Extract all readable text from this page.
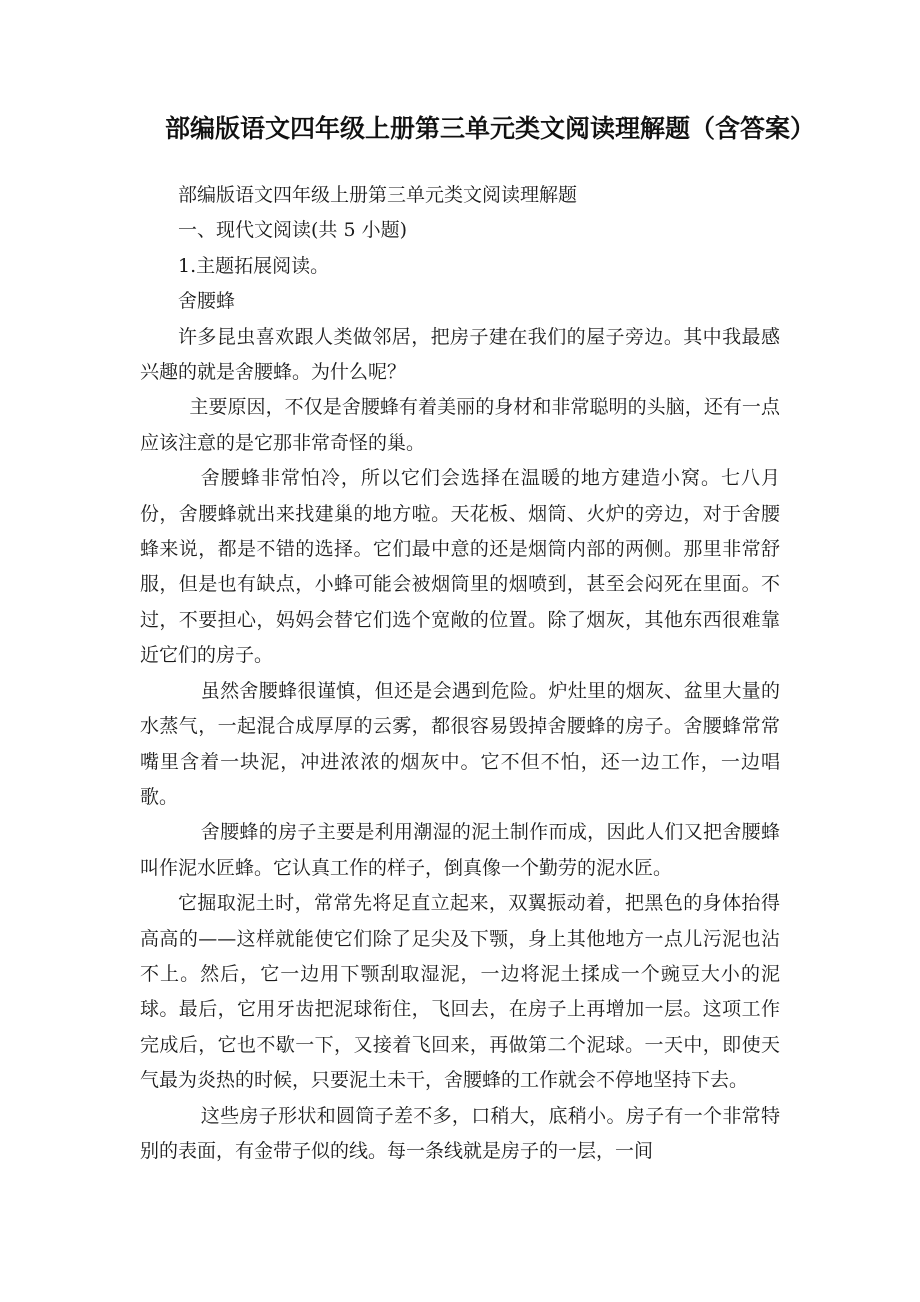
部编版语文四年级上册第三单元类文阅读理解题（含答案）

部编版语文四年级上册第三单元类文阅读理解题

一、现代文阅读(共 5 小题)

1.主题拓展阅读。

舍腰蜂

许多昆虫喜欢跟人类做邻居，把房子建在我们的屋子旁边。其中我最感兴趣的就是舍腰蜂。为什么呢？

主要原因，不仅是舍腰蜂有着美丽的身材和非常聪明的头脑，还有一点应该注意的是它那非常奇怪的巢。

舍腰蜂非常怕冷，所以它们会选择在温暖的地方建造小窝。七八月份，舍腰蜂就出来找建巢的地方啦。天花板、烟筒、火炉的旁边，对于舍腰蜂来说，都是不错的选择。它们最中意的还是烟筒内部的两侧。那里非常舒服，但是也有缺点，小蜂可能会被烟筒里的烟喷到，甚至会闷死在里面。不过，不要担心，妈妈会替它们选个宽敞的位置。除了烟灰，其他东西很难靠近它们的房子。

虽然舍腰蜂很谨慎，但还是会遇到危险。炉灶里的烟灰、盆里大量的水蒸气，一起混合成厚厚的云雾，都很容易毁掉舍腰蜂的房子。舍腰蜂常常嘴里含着一块泥，冲进浓浓的烟灰中。它不但不怕，还一边工作，一边唱歌。

舍腰蜂的房子主要是利用潮湿的泥土制作而成，因此人们又把舍腰蜂叫作泥水匠蜂。它认真工作的样子，倒真像一个勤劳的泥水匠。

它掘取泥土时，常常先将足直立起来，双翼振动着，把黑色的身体抬得高高的——这样就能使它们除了足尖及下颚，身上其他地方一点儿污泥也沾不上。然后，它一边用下颚刮取湿泥，一边将泥土揉成一个豌豆大小的泥球。最后，它用牙齿把泥球衔住，飞回去，在房子上再增加一层。这项工作完成后，它也不歇一下，又接着飞回来，再做第二个泥球。一天中，即使天气最为炎热的时候，只要泥土未干，舍腰蜂的工作就会不停地坚持下去。

这些房子形状和圆筒子差不多，口稍大，底稍小。房子有一个非常特别的表面，有金带子似的线。每一条线就是房子的一层，一间
